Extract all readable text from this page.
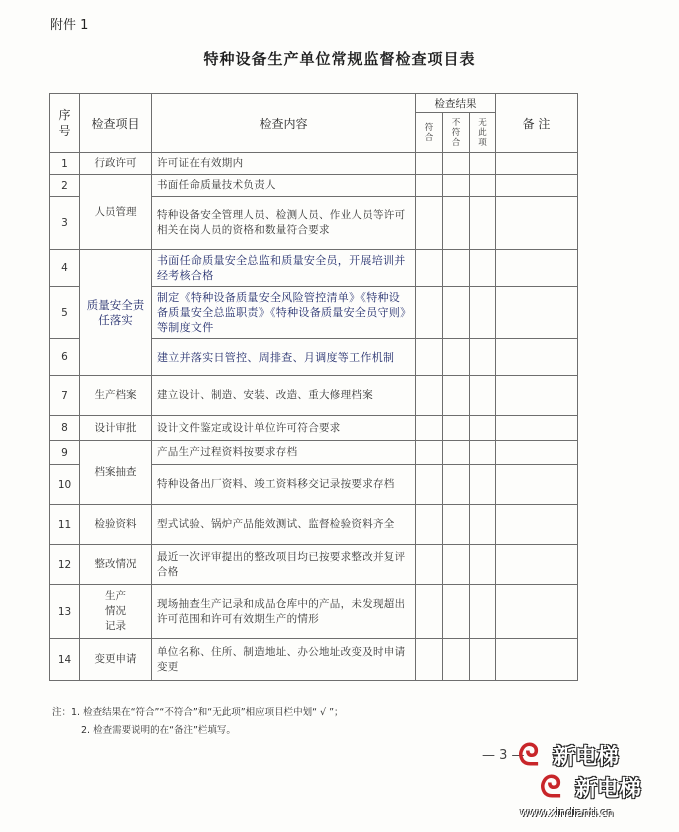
附件 1
特种设备生产单位常规监督检查项目表
序号	检查项目	检查内容	检查结果			备 注
			符合	不符合	无此项	
1	行政许可	许可证在有效期内				
2	人员管理	书面任命质量技术负责人				
3		特种设备安全管理人员、检测人员、作业人员等许可相关在岗人员的资格和数量符合要求				
4	质量安全责任落实	书面任命质量安全总监和质量安全员，开展培训并经考核合格				
5		制定《特种设备质量安全风险管控清单》《特种设备质量安全总监职责》《特种设备质量安全员守则》等制度文件				
6		建立并落实日管控、周排查、月调度等工作机制				
7	生产档案	建立设计、制造、安装、改造、重大修理档案				
8	设计审批	设计文件鉴定或设计单位许可符合要求				
9	档案抽查	产品生产过程资料按要求存档				
10		特种设备出厂资料、竣工资料移交记录按要求存档				
11	检验资料	型式试验、锅炉产品能效测试、监督检验资料齐全				
12	整改情况	最近一次评审提出的整改项目均已按要求整改并复评合格				
13	生产情况记录	现场抽查生产记录和成品仓库中的产品，未发现超出许可范围和许可有效期生产的情形				
14	变更申请	单位名称、住所、制造地址、办公地址改变及时申请变更				
注：1. 检查结果在“符合”“不符合”和“无此项”相应项目栏中划“ √ ”；
2. 检查需要说明的在“备注”栏填写。
— 3 —
ᘓ 新电梯
ᘓ 新电梯
www.xindianti.cn
